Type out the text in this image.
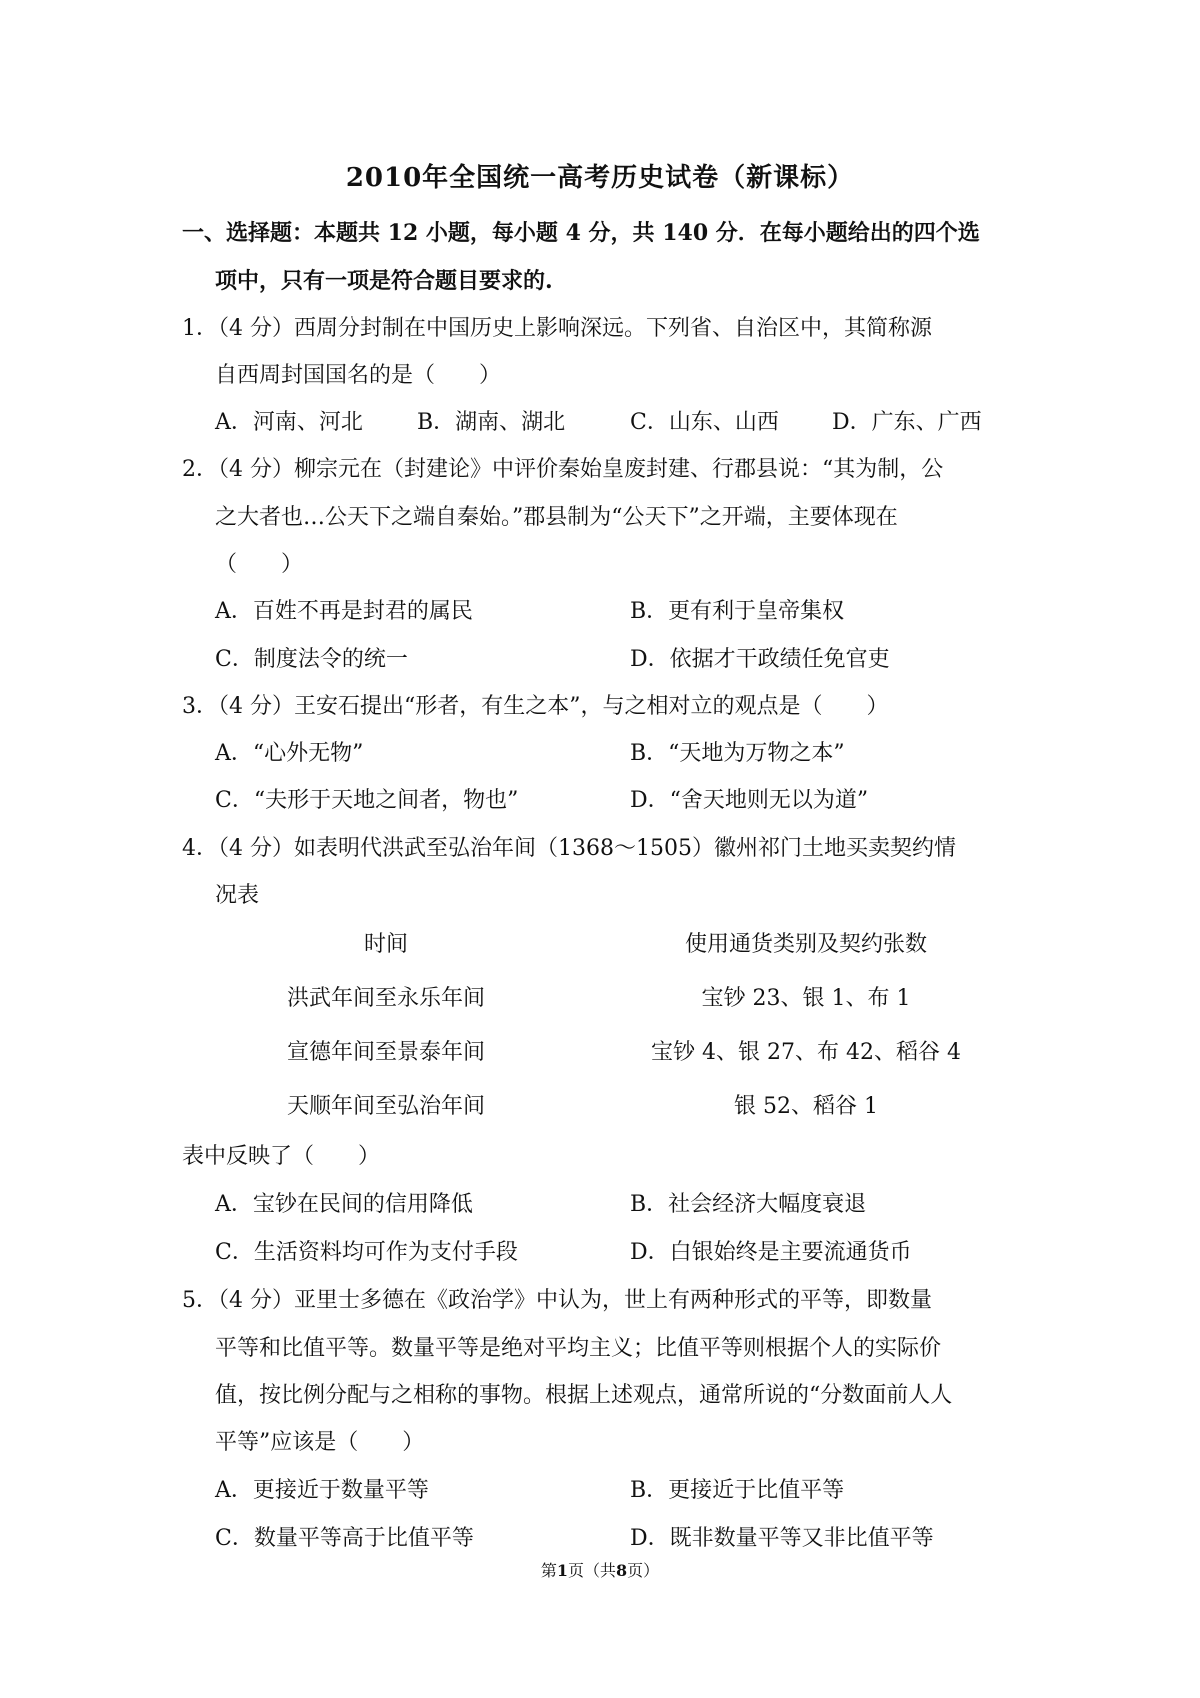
2010年全国统一高考历史试卷（新课标）
一、选择题：本题共 12 小题，每小题 4 分，共 140 分．在每小题给出的四个选
项中，只有一项是符合题目要求的.
1．（4 分）西周分封制在中国历史上影响深远。下列省、自治区中，其简称源
自西周封国国名的是（　　）
A．河南、河北 B．湖南、湖北	C．山东、山西 D．广东、广西
2．（4 分）柳宗元在（封建论》中评价秦始皇废封建、行郡县说：“其为制，公
之大者也…公天下之端自秦始。”郡县制为“公天下”之开端，主要体现在
（　　）
A．百姓不再是封君的属民	B．更有利于皇帝集权
C．制度法令的统一	D．依据才干政绩任免官吏
3．（4 分）王安石提出“形者，有生之本”，与之相对立的观点是（　　）
A．“心外无物”	B．“天地为万物之本”
C．“夫形于天地之间者，物也”	D．“舍天地则无以为道”
4．（4 分）如表明代洪武至弘治年间（1368～1505）徽州祁门土地买卖契约情
况表
时间	使用通货类别及契约张数
洪武年间至永乐年间	宝钞 23、银 1、布 1
宣德年间至景泰年间	宝钞 4、银 27、布 42、稻谷 4
天顺年间至弘治年间	银 52、稻谷 1
表中反映了（　　）
A．宝钞在民间的信用降低	B．社会经济大幅度衰退
C．生活资料均可作为支付手段	D．白银始终是主要流通货币
5．（4 分）亚里士多德在《政治学》中认为，世上有两种形式的平等，即数量
平等和比值平等。数量平等是绝对平均主义；比值平等则根据个人的实际价
值，按比例分配与之相称的事物。根据上述观点，通常所说的“分数面前人人
平等”应该是（　　）
A．更接近于数量平等	B．更接近于比值平等
C．数量平等高于比值平等	D．既非数量平等又非比值平等
第1页（共8页）
